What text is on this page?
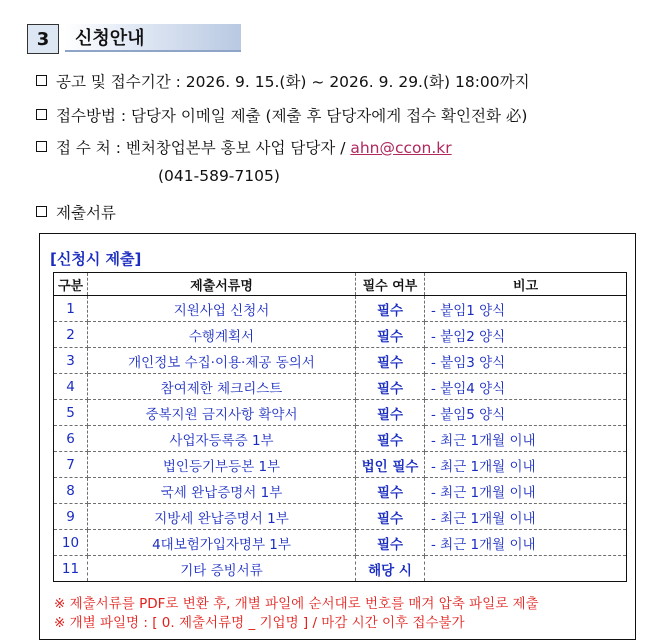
3	신청안내
공고 및 접수기간 : 2026. 9. 15.(화) ~ 2026. 9. 29.(화) 18:00까지
접수방법 : 담당자 이메일 제출 (제출 후 담당자에게 접수 확인전화 必)
접 수 처 : 벤처창업본부 홍보 사업 담당자 / ahn@ccon.kr
(041-589-7105)
제출서류
[신청시 제출]
구분	제출서류명	필수 여부	비고
1	지원사업 신청서	필수	- 붙임1 양식
2	수행계획서	필수	- 붙임2 양식
3	개인정보 수집·이용·제공 동의서	필수	- 붙임3 양식
4	참여제한 체크리스트	필수	- 붙임4 양식
5	중복지원 금지사항 확약서	필수	- 붙임5 양식
6	사업자등록증 1부	필수	- 최근 1개월 이내
7	법인등기부등본 1부	법인 필수	- 최근 1개월 이내
8	국세 완납증명서 1부	필수	- 최근 1개월 이내
9	지방세 완납증명서 1부	필수	- 최근 1개월 이내
10	4대보험가입자명부 1부	필수	- 최근 1개월 이내
11	기타 증빙서류	해당 시	
※ 제출서류를 PDF로 변환 후, 개별 파일에 순서대로 번호를 매겨 압축 파일로 제출
※ 개별 파일명 : [ 0. 제출서류명 _ 기업명 ] / 마감 시간 이후 접수불가
